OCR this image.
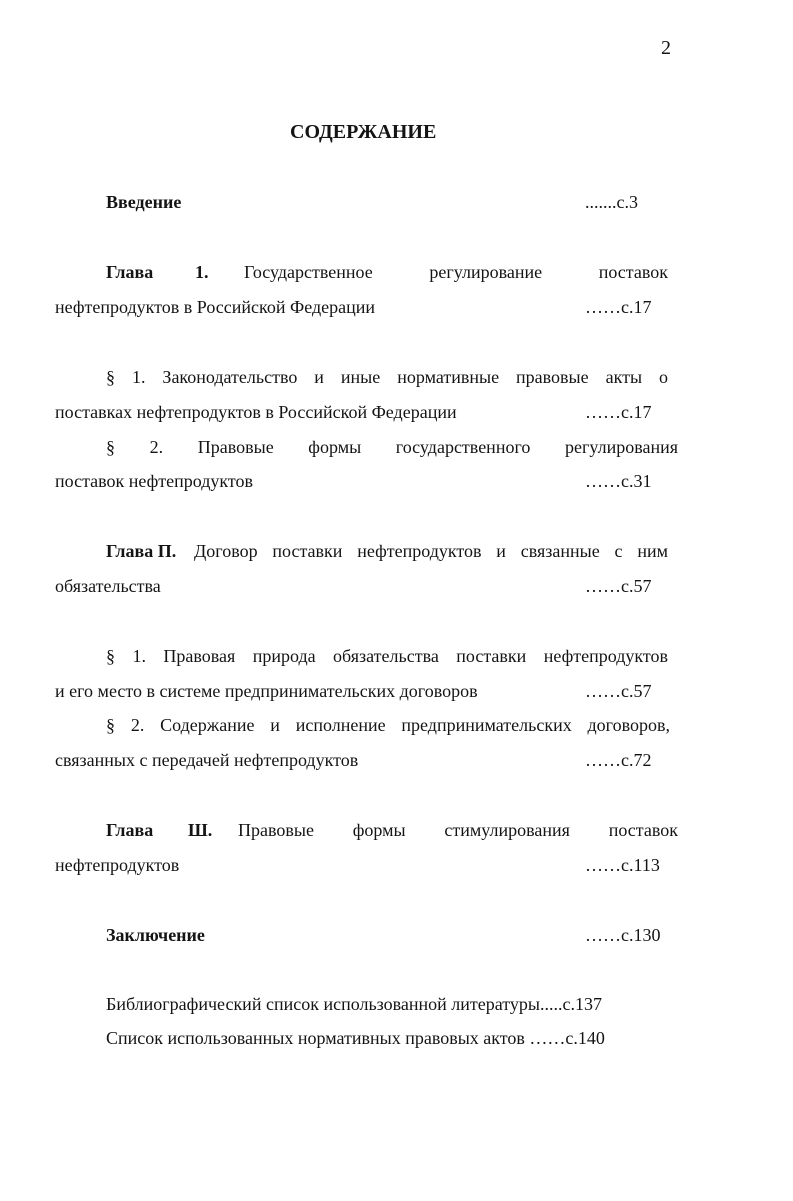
2
СОДЕРЖАНИЕ
Введение	.......с.3
Глава 1. Государственное регулирование поставок
нефтепродуктов в Российской Федерации	……с.17
§ 1. Законодательство и иные нормативные правовые акты о
поставках нефтепродуктов в Российской Федерации	……с.17
§ 2. Правовые формы государственного регулирования
поставок нефтепродуктов	……с.31
Глава П. Договор поставки нефтепродуктов и связанные с ним
обязательства	……с.57
§ 1. Правовая природа обязательства поставки нефтепродуктов
и его место в системе предпринимательских договоров	……с.57
§ 2. Содержание и исполнение предпринимательских договоров,
связанных с передачей нефтепродуктов	……с.72
Глава Ш. Правовые формы стимулирования поставок
нефтепродуктов	……с.113
Заключение	……с.130
Библиографический список использованной литературы.....с.137
Список использованных нормативных правовых актов ……с.140
